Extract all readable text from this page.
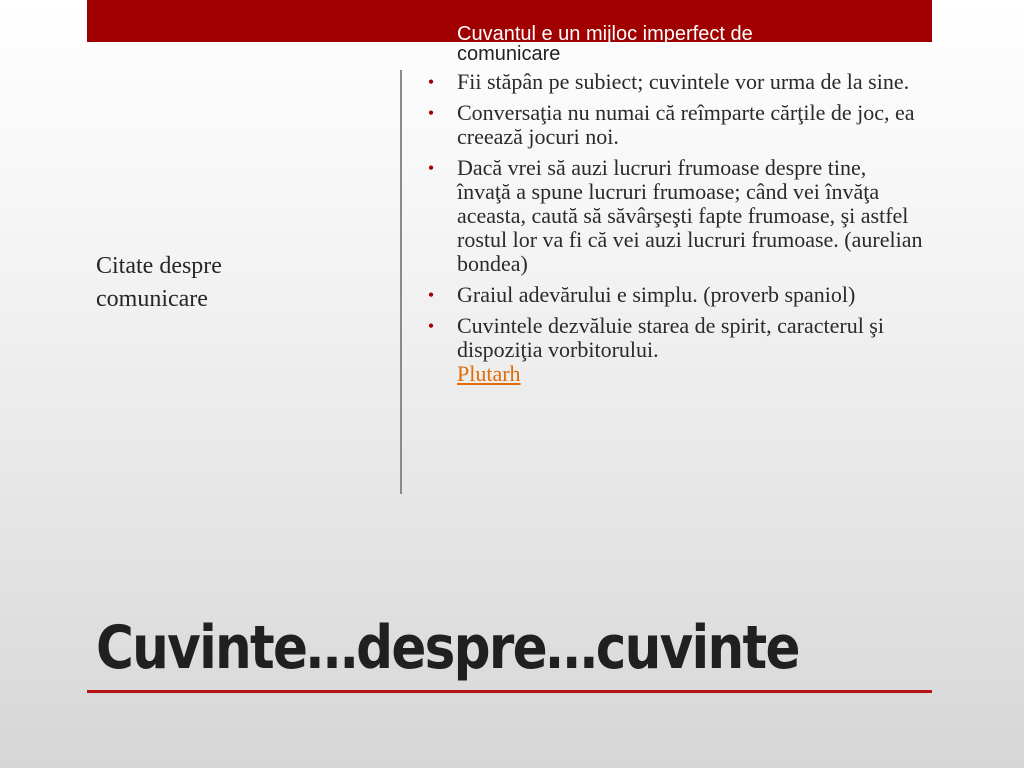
Citate despre
comunicare
Cuvantul e un mijloc imperfect de
comunicare
• Fii stăpân pe subiect; cuvintele vor urma de la sine.
• Conversaţia nu numai că reîmparte cărţile de joc, ea creează jocuri noi.
• Dacă vrei să auzi lucruri frumoase despre tine, învaţă a spune lucruri frumoase; când vei învăţa aceasta, caută să săvârşeşti fapte frumoase, şi astfel rostul lor va fi că vei auzi lucruri frumoase. (aurelian bondea)
• Graiul adevărului e simplu. (proverb spaniol)
• Cuvintele dezvăluie starea de spirit, caracterul şi dispoziţia vorbitorului.
Plutarh
Cuvinte…despre…cuvinte
